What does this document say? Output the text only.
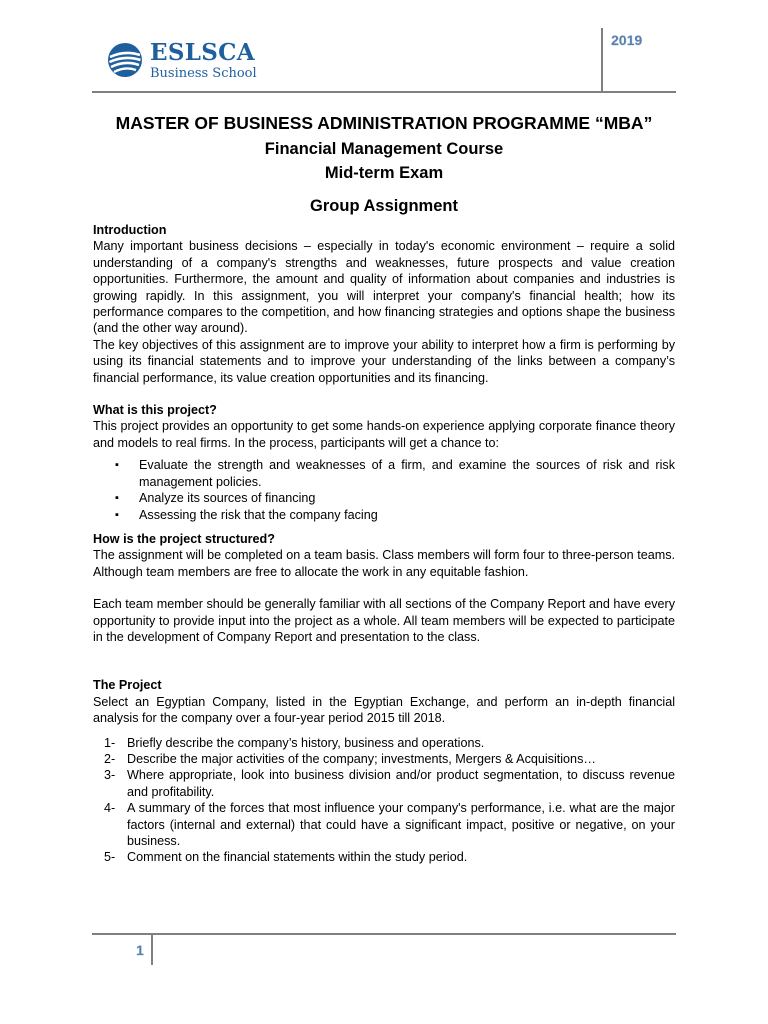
ESLSCA
Business School
2019
MASTER OF BUSINESS ADMINISTRATION PROGRAMME “MBA”
Financial Management Course
Mid-term Exam
Group Assignment

Introduction

Many important business decisions – especially in today's economic environment – require a solid understanding of a company's strengths and weaknesses, future prospects and value creation opportunities. Furthermore, the amount and quality of information about companies and industries is growing rapidly. In this assignment, you will interpret your company's financial health; how its performance compares to the competition, and how financing strategies and options shape the business (and the other way around).

The key objectives of this assignment are to improve your ability to interpret how a firm is performing by using its financial statements and to improve your understanding of the links between a company’s financial performance, its value creation opportunities and its financing.

What is this project?

This project provides an opportunity to get some hands-on experience applying corporate finance theory and models to real firms. In the process, participants will get a chance to:

▪ Evaluate the strength and weaknesses of a firm, and examine the sources of risk and risk management policies.
▪ Analyze its sources of financing
▪ Assessing the risk that the company facing

How is the project structured?

The assignment will be completed on a team basis. Class members will form four to three-person teams. Although team members are free to allocate the work in any equitable fashion.

Each team member should be generally familiar with all sections of the Company Report and have every opportunity to provide input into the project as a whole. All team members will be expected to participate in the development of Company Report and presentation to the class.

The Project

Select an Egyptian Company, listed in the Egyptian Exchange, and perform an in-depth financial analysis for the company over a four-year period 2015 till 2018.

1- Briefly describe the company’s history, business and operations.
2- Describe the major activities of the company; investments, Mergers & Acquisitions…
3- Where appropriate, look into business division and/or product segmentation, to discuss revenue and profitability.
4- A summary of the forces that most influence your company's performance, i.e. what are the major factors (internal and external) that could have a significant impact, positive or negative, on your business.
5- Comment on the financial statements within the study period.
1
